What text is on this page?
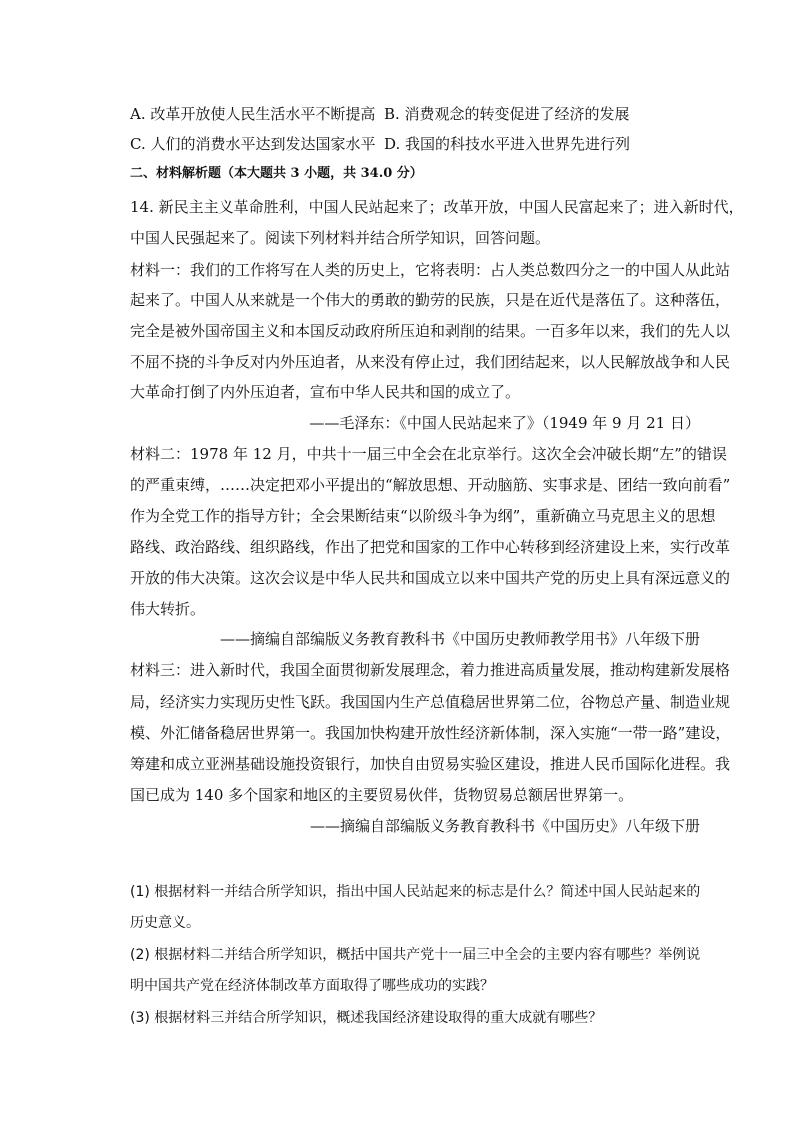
A. 改革开放使人民生活水平不断提高 B. 消费观念的转变促进了经济的发展

C. 人们的消费水平达到发达国家水平 D. 我国的科技水平进入世界先进行列

二、材料解析题（本大题共 3 小题，共 34.0 分）

14. 新民主主义革命胜利，中国人民站起来了；改革开放，中国人民富起来了；进入新时代，

中国人民强起来了。阅读下列材料并结合所学知识，回答问题。

材料一：我们的工作将写在人类的历史上，它将表明：占人类总数四分之一的中国人从此站

起来了。中国人从来就是一个伟大的勇敢的勤劳的民族，只是在近代是落伍了。这种落伍，

完全是被外国帝国主义和本国反动政府所压迫和剥削的结果。一百多年以来，我们的先人以

不屈不挠的斗争反对内外压迫者，从来没有停止过，我们团结起来，以人民解放战争和人民

大革命打倒了内外压迫者，宣布中华人民共和国的成立了。

——毛泽东：《中国人民站起来了》（1949 年 9 月 21 日）

材料二：1978 年 12 月，中共十一届三中全会在北京举行。这次全会冲破长期“左”的错误

的严重束缚，……决定把邓小平提出的“解放思想、开动脑筋、实事求是、团结一致向前看”

作为全党工作的指导方针；全会果断结束“以阶级斗争为纲”，重新确立马克思主义的思想

路线、政治路线、组织路线，作出了把党和国家的工作中心转移到经济建设上来，实行改革

开放的伟大决策。这次会议是中华人民共和国成立以来中国共产党的历史上具有深远意义的

伟大转折。

——摘编自部编版义务教育教科书《中国历史教师教学用书》八年级下册

材料三：进入新时代，我国全面贯彻新发展理念，着力推进高质量发展，推动构建新发展格

局，经济实力实现历史性飞跃。我国国内生产总值稳居世界第二位，谷物总产量、制造业规

模、外汇储备稳居世界第一。我国加快构建开放性经济新体制，深入实施“一带一路”建设，

筹建和成立亚洲基础设施投资银行，加快自由贸易实验区建设，推进人民币国际化进程。我

国已成为 140 多个国家和地区的主要贸易伙伴，货物贸易总额居世界第一。

——摘编自部编版义务教育教科书《中国历史》八年级下册

(1) 根据材料一并结合所学知识，指出中国人民站起来的标志是什么？简述中国人民站起来的

历史意义。

(2) 根据材料二并结合所学知识，概括中国共产党十一届三中全会的主要内容有哪些？举例说

明中国共产党在经济体制改革方面取得了哪些成功的实践？

(3) 根据材料三并结合所学知识，概述我国经济建设取得的重大成就有哪些？
